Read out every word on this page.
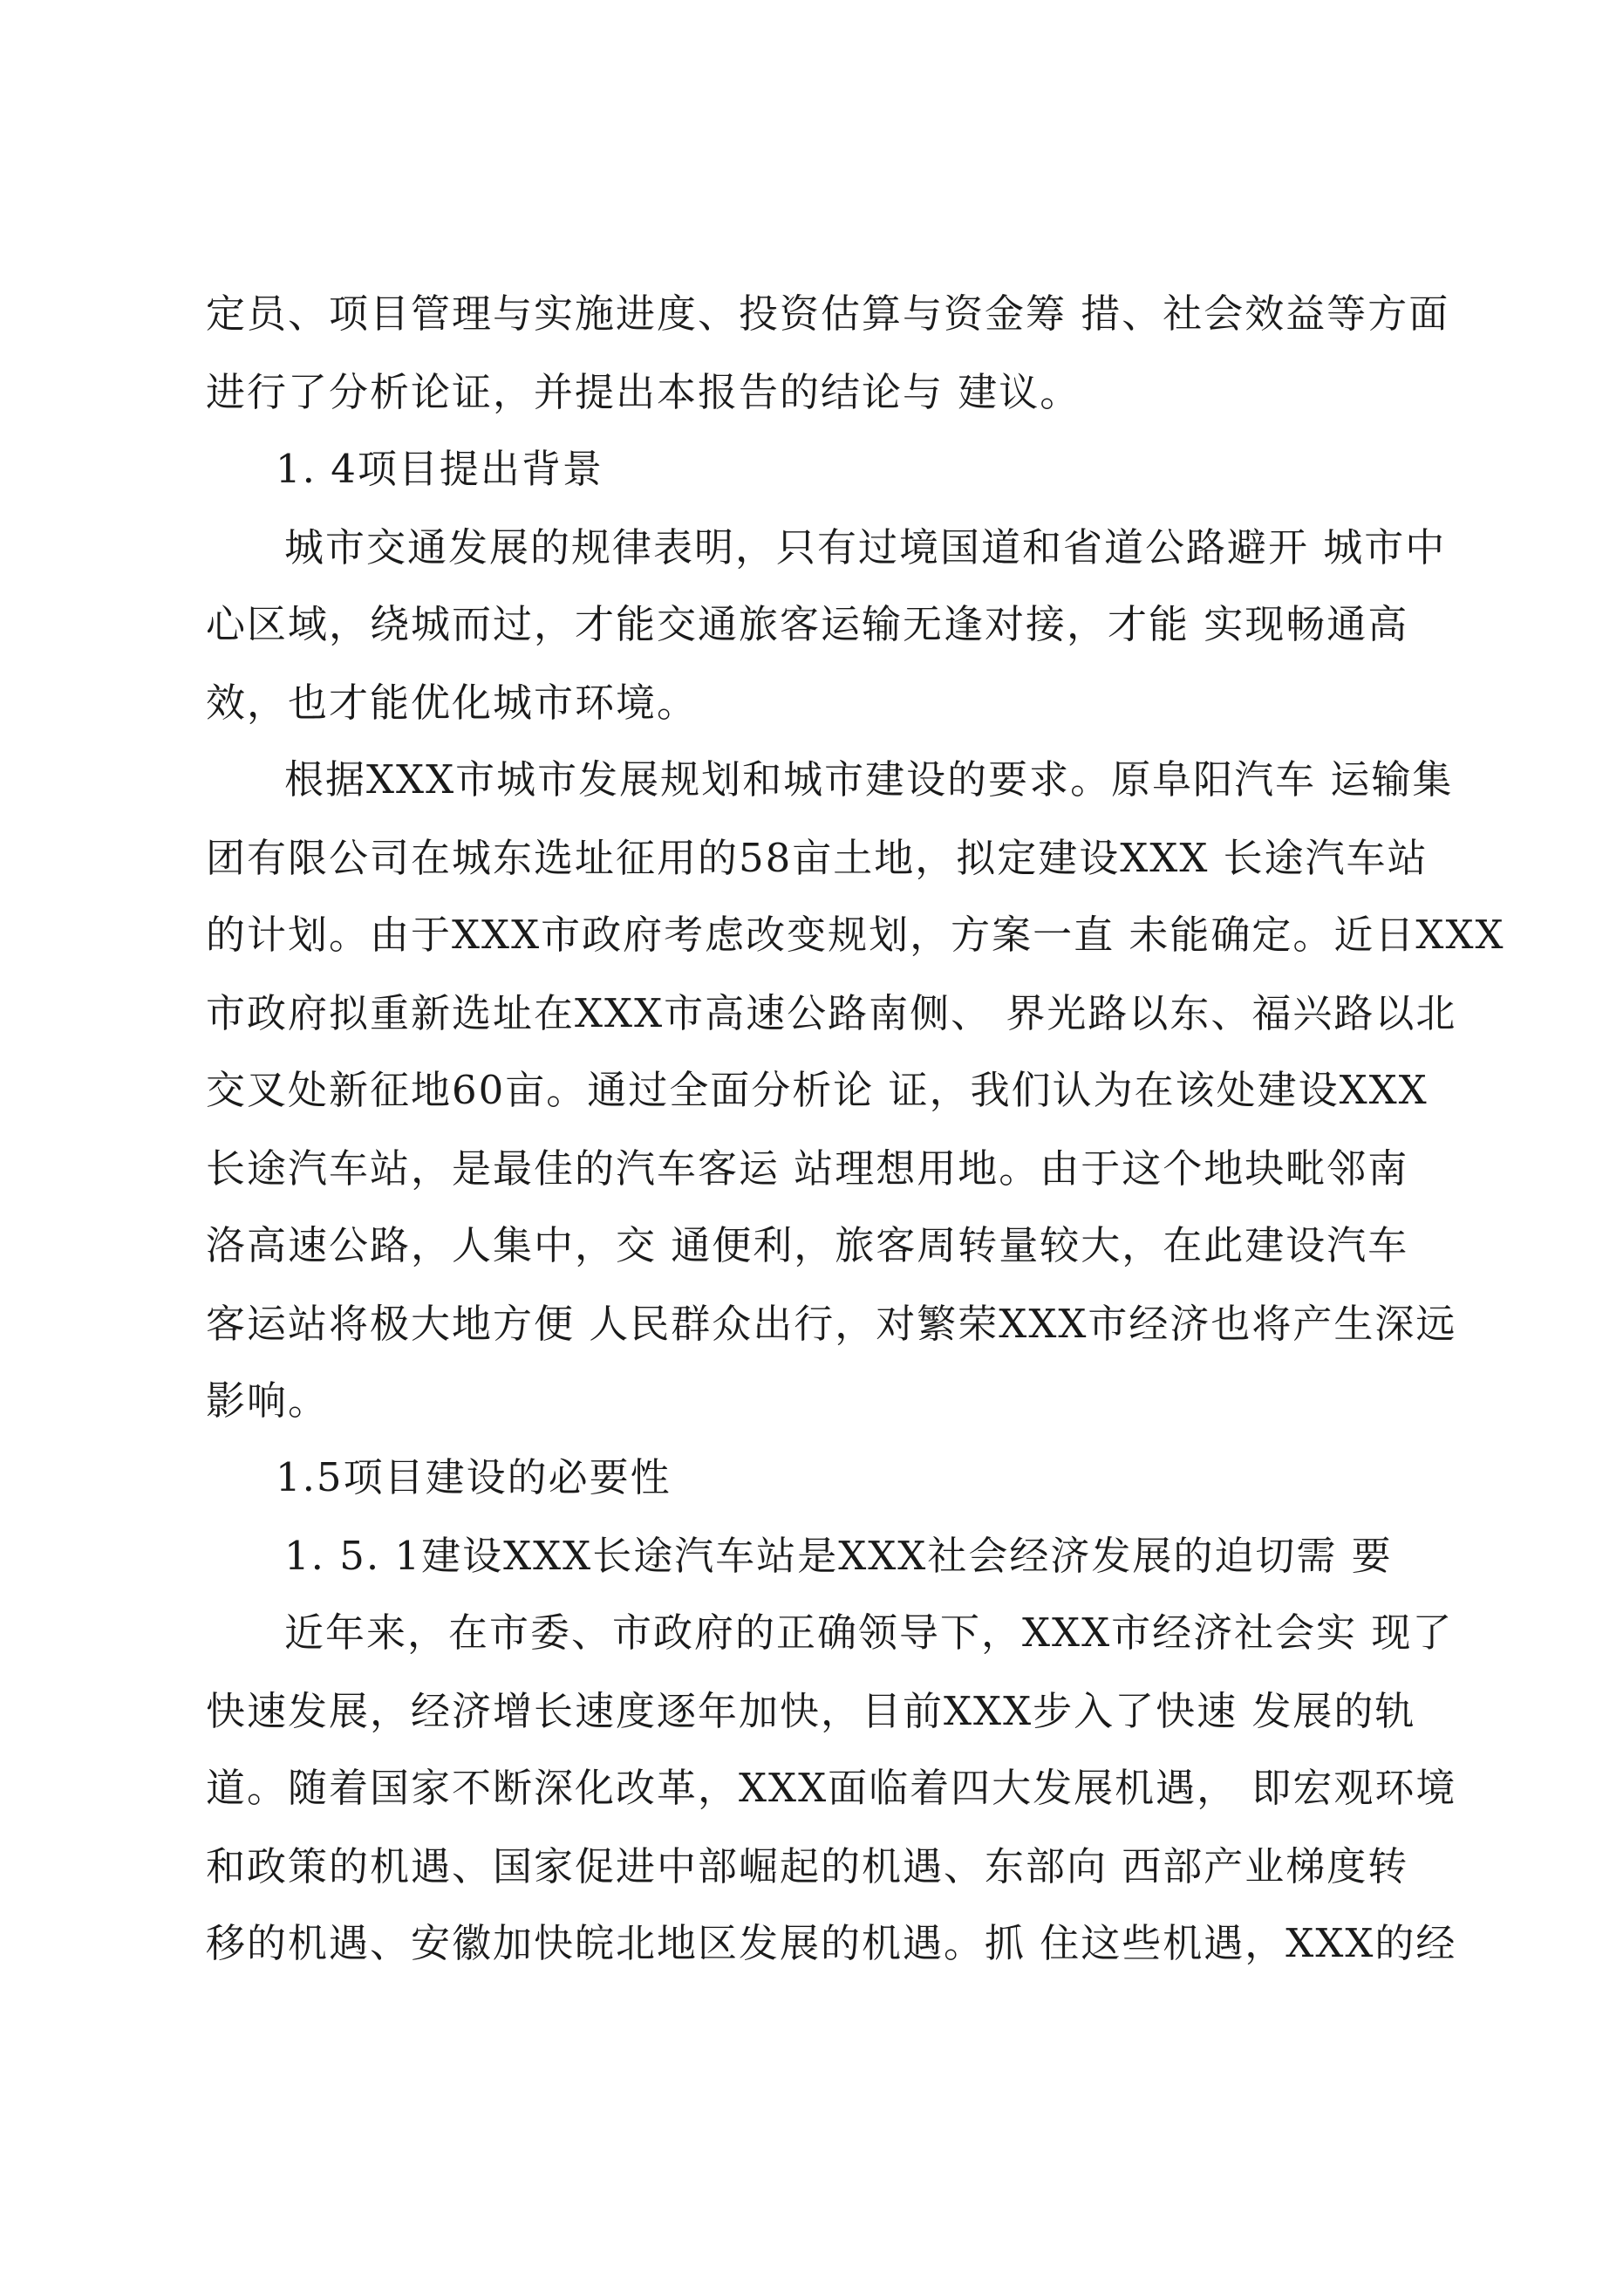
定员、项目管理与实施进度、投资估算与资金筹 措、社会效益等方面
进行了分析论证，并提出本报告的结论与 建议。
1. 4项目提出背景
城市交通发展的规律表明，只有过境国道和省道公路避开 城市中
心区域，绕城而过，才能交通旅客运输无逢对接，才能 实现畅通高
效，也才能优化城市环境。
根据XXX市城市发展规划和城市建设的要求。原阜阳汽车 运输集
团有限公司在城东选址征用的58亩土地，拟定建设XXX 长途汽车站
的计划。由于XXX市政府考虑改变规划，方案一直 未能确定。近日XXX
市政府拟重新选址在XXX市高速公路南侧、 界光路以东、福兴路以北
交叉处新征地60亩。通过全面分析论 证，我们认为在该处建设XXX
长途汽车站，是最佳的汽车客运 站理想用地。由于这个地块毗邻南
洛高速公路，人集中，交 通便利，旅客周转量较大，在此建设汽车
客运站将极大地方便 人民群众出行，对繁荣XXX市经济也将产生深远
影响。
1.5项目建设的必要性
1. 5. 1建设XXX长途汽车站是XXX社会经济发展的迫切需 要
近年来，在市委、市政府的正确领导下，XXX市经济社会实 现了
快速发展，经济增长速度逐年加快，目前XXX步入了快速 发展的轨
道。随着国家不断深化改革，XXX面临着四大发展机遇， 即宏观环境
和政策的机遇、国家促进中部崛起的机遇、东部向 西部产业梯度转
移的机遇、安徽加快皖北地区发展的机遇。抓 住这些机遇，XXX的经
